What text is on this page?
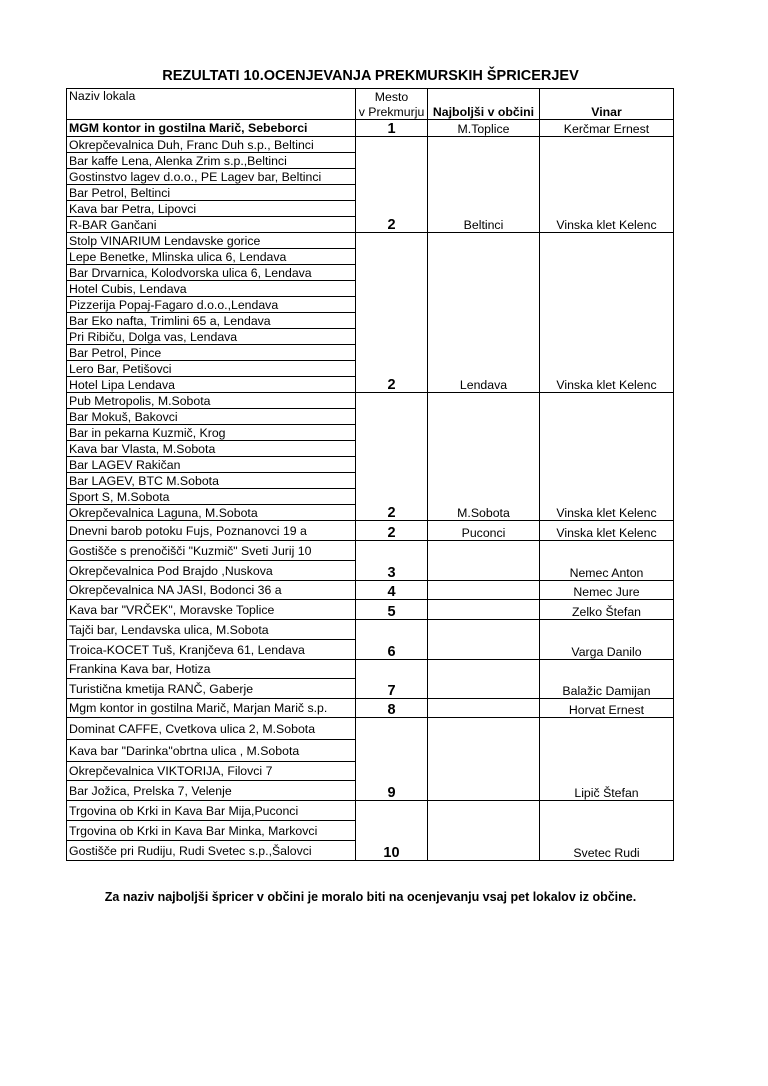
REZULTATI 10.OCENJEVANJA PREKMURSKIH ŠPRICERJEV
Naziv lokala	Mesto	Najboljši v občini	Vinar
	v Prekmurju		
MGM kontor in gostilna Marič, Sebeborci	1	M.Toplice	Kerčmar Ernest
Okrepčevalnica Duh, Franc Duh s.p., Beltinci	2	Beltinci	Vinska klet Kelenc
Bar kaffe Lena, Alenka Zrim s.p.,Beltinci			
Gostinstvo lagev d.o.o., PE Lagev bar, Beltinci			
Bar Petrol, Beltinci			
Kava bar Petra, Lipovci			
R-BAR Gančani			
Stolp VINARIUM Lendavske gorice	2	Lendava	Vinska klet Kelenc
Lepe Benetke, Mlinska ulica 6, Lendava			
Bar Drvarnica, Kolodvorska ulica 6, Lendava			
Hotel Cubis, Lendava			
Pizzerija Popaj-Fagaro d.o.o.,Lendava			
Bar Eko nafta, Trimlini 65 a, Lendava			
Pri Ribiču, Dolga vas, Lendava			
Bar Petrol, Pince			
Lero Bar, Petišovci			
Hotel Lipa Lendava			
Pub Metropolis, M.Sobota	2	M.Sobota	Vinska klet Kelenc
Bar Mokuš, Bakovci			
Bar in pekarna Kuzmič, Krog			
Kava bar Vlasta, M.Sobota			
Bar LAGEV Rakičan			
Bar LAGEV, BTC M.Sobota			
Sport S, M.Sobota			
Okrepčevalnica Laguna, M.Sobota			
Dnevni barob potoku Fujs, Poznanovci 19 a	2	Puconci	Vinska klet Kelenc
Gostišče s prenočišči "Kuzmič" Sveti Jurij 10	3		Nemec Anton
Okrepčevalnica Pod Brajdo ,Nuskova			
Okrepčevalnica NA JASI, Bodonci 36 a	4		Nemec Jure
Kava bar "VRČEK", Moravske Toplice	5		Zelko Štefan
Tajči bar, Lendavska ulica, M.Sobota	6		Varga Danilo
Troica-KOCET Tuš, Kranjčeva 61, Lendava			
Frankina Kava bar, Hotiza	7		Balažic Damijan
Turistična kmetija RANČ, Gaberje			
Mgm kontor in gostilna Marič, Marjan Marič s.p.	8		Horvat Ernest
Dominat CAFFE, Cvetkova ulica 2, M.Sobota	9		Lipič Štefan
Kava bar "Darinka"obrtna ulica , M.Sobota			
Okrepčevalnica VIKTORIJA, Filovci 7			
Bar Jožica, Prelska 7, Velenje			
Trgovina ob Krki in Kava Bar Mija,Puconci	10		Svetec Rudi
Trgovina ob Krki in Kava Bar Minka, Markovci			
Gostišče pri Rudiju, Rudi Svetec s.p.,Šalovci			
Za naziv najboljši špricer v občini je moralo biti na ocenjevanju vsaj pet lokalov iz občine.
